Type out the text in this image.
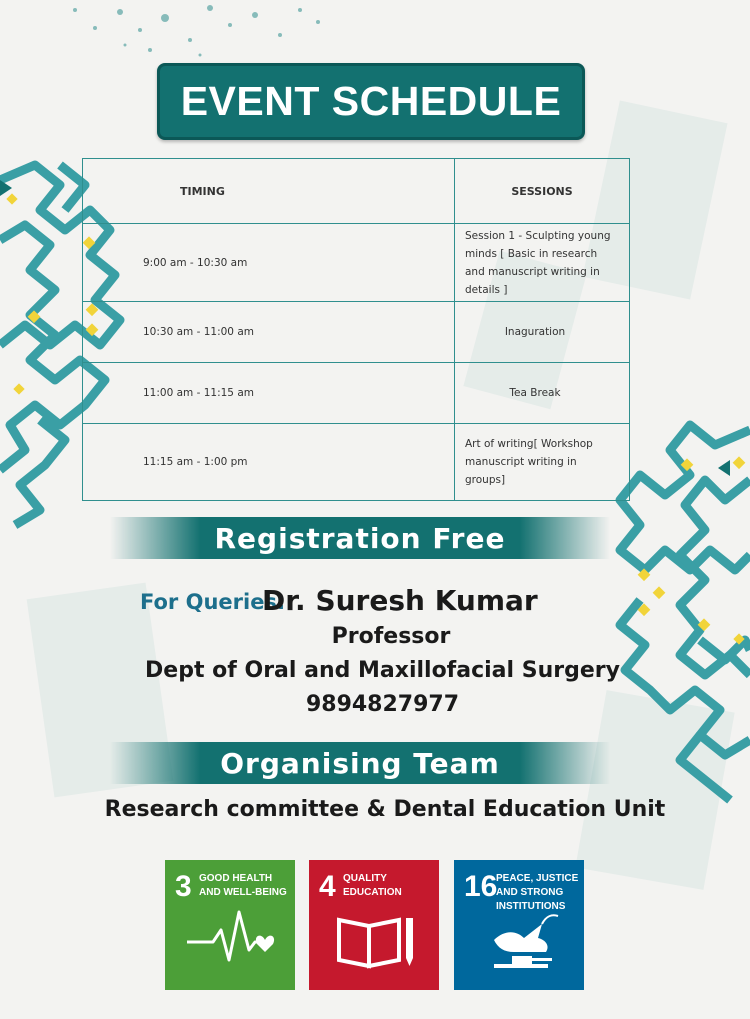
EVENT SCHEDULE
TIMING	SESSIONS
9:00 am - 10:30 am	Session 1 - Sculpting young minds [ Basic in research and manuscript writing in details ]
10:30 am - 11:00 am	Inaguration
11:00 am - 11:15 am	Tea Break
11:15 am - 1:00 pm	Art of writing[ Workshop manuscript writing in groups]
Registration Free
For Queries:
Dr. Suresh Kumar
Professor
Dept of Oral and Maxillofacial Surgery
9894827977
Organising Team
Research committee & Dental Education Unit
3 GOOD HEALTH AND WELL-BEING 4 QUALITY EDUCATION	16
PEACE, JUSTICE AND STRONG INSTITUTIONS
